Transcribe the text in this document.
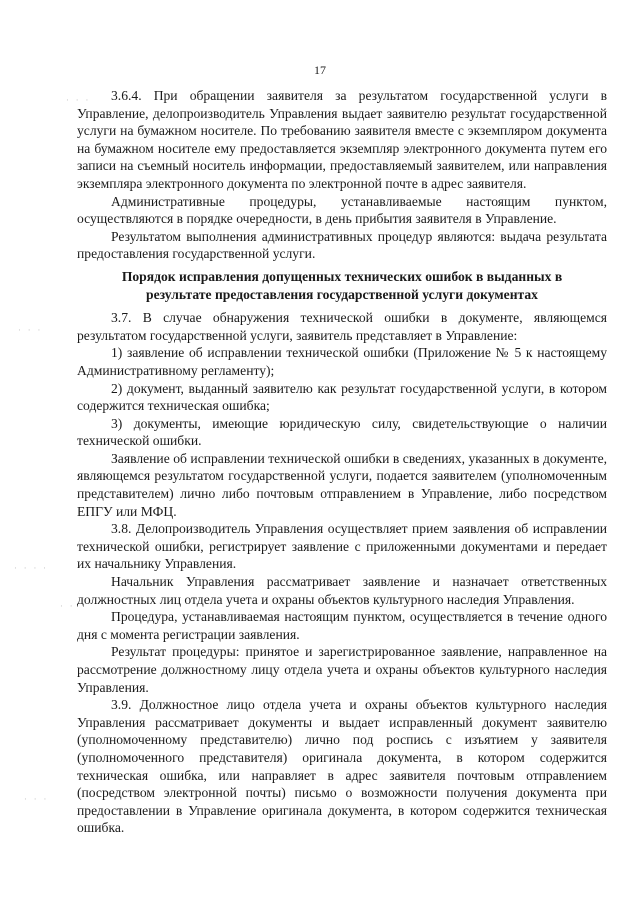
17
· · ·
· · ·
· · · ·
· ·
· · ·

3.6.4. При обращении заявителя за результатом государственной услуги в Управление, делопроизводитель Управления выдает заявителю результат государственной услуги на бумажном носителе. По требованию заявителя вместе с экземпляром документа на бумажном носителе ему предоставляется экземпляр электронного документа путем его записи на съемный носитель информации, предоставляемый заявителем, или направления экземпляра электронного документа по электронной почте в адрес заявителя.

Административные процедуры, устанавливаемые настоящим пунктом, осуществляются в порядке очередности, в день прибытия заявителя в Управление.

Результатом выполнения административных процедур являются: выдача результата предоставления государственной услуги.

Порядок исправления допущенных технических ошибок в выданных в результате предоставления государственной услуги документах

3.7. В случае обнаружения технической ошибки в документе, являющемся результатом государственной услуги, заявитель представляет в Управление:

1) заявление об исправлении технической ошибки (Приложение № 5 к настоящему Административному регламенту);

2) документ, выданный заявителю как результат государственной услуги, в котором содержится техническая ошибка;

3) документы, имеющие юридическую силу, свидетельствующие о наличии технической ошибки.

Заявление об исправлении технической ошибки в сведениях, указанных в документе, являющемся результатом государственной услуги, подается заявителем (уполномоченным представителем) лично либо почтовым отправлением в Управление, либо посредством ЕПГУ или МФЦ.

3.8. Делопроизводитель Управления осуществляет прием заявления об исправлении технической ошибки, регистрирует заявление с приложенными документами и передает их начальнику Управления.

Начальник Управления рассматривает заявление и назначает ответственных должностных лиц отдела учета и охраны объектов культурного наследия Управления.

Процедура, устанавливаемая настоящим пунктом, осуществляется в течение одного дня с момента регистрации заявления.

Результат процедуры: принятое и зарегистрированное заявление, направленное на рассмотрение должностному лицу отдела учета и охраны объектов культурного наследия Управления.

3.9. Должностное лицо отдела учета и охраны объектов культурного наследия Управления рассматривает документы и выдает исправленный документ заявителю (уполномоченному представителю) лично под роспись с изъятием у заявителя (уполномоченного представителя) оригинала документа, в котором содержится техническая ошибка, или направляет в адрес заявителя почтовым отправлением (посредством электронной почты) письмо о возможности получения документа при предоставлении в Управление оригинала документа, в котором содержится техническая ошибка.
